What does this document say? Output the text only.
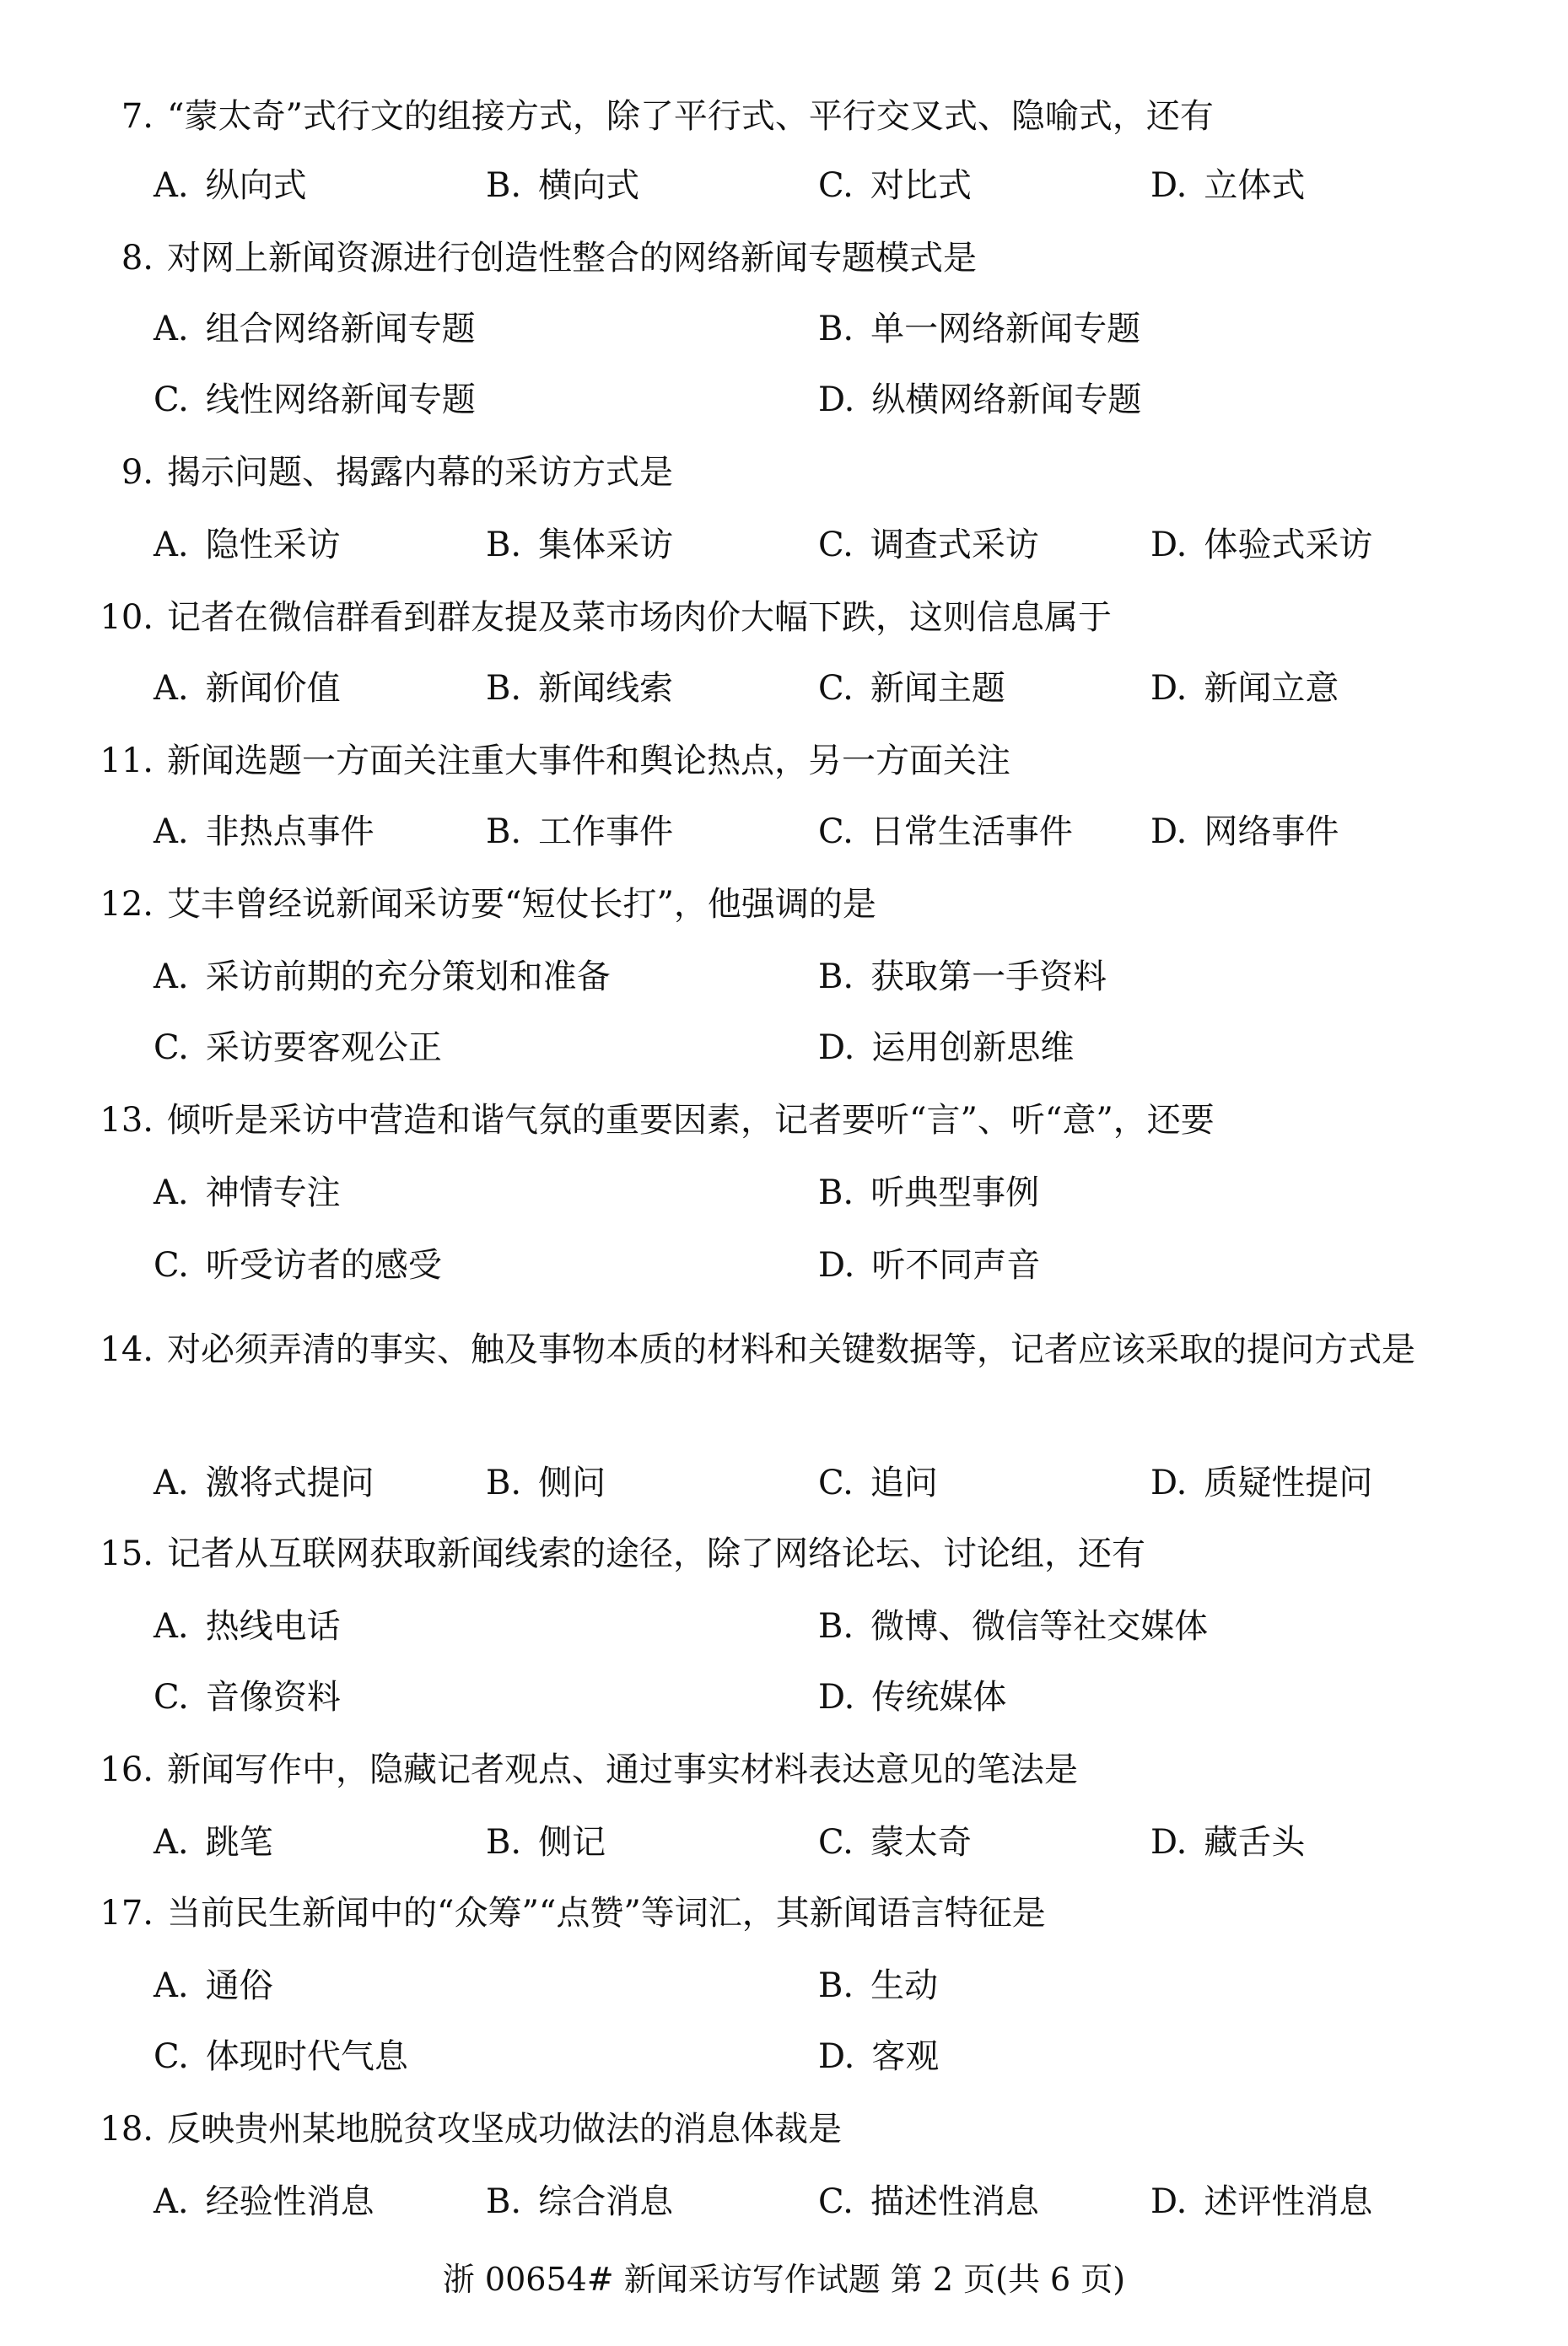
7. “蒙太奇”式行文的组接方式，除了平行式、平行交叉式、隐喻式，还有
A. 纵向式	B. 横向式	C. 对比式	D. 立体式
8. 对网上新闻资源进行创造性整合的网络新闻专题模式是
A. 组合网络新闻专题	B. 单一网络新闻专题
C. 线性网络新闻专题	D. 纵横网络新闻专题
9. 揭示问题、揭露内幕的采访方式是
A. 隐性采访	B. 集体采访	C. 调查式采访	D. 体验式采访
10. 记者在微信群看到群友提及菜市场肉价大幅下跌，这则信息属于
A. 新闻价值	B. 新闻线索	C. 新闻主题	D. 新闻立意
11. 新闻选题一方面关注重大事件和舆论热点，另一方面关注
A. 非热点事件	B. 工作事件	C. 日常生活事件 D. 网络事件
12. 艾丰曾经说新闻采访要“短仗长打”，他强调的是
A. 采访前期的充分策划和准备	B. 获取第一手资料
C. 采访要客观公正	D. 运用创新思维
13. 倾听是采访中营造和谐气氛的重要因素，记者要听“言”、听“意”，还要
A. 神情专注	B. 听典型事例
C. 听受访者的感受	D. 听不同声音
14. 对必须弄清的事实、触及事物本质的材料和关键数据等，记者应该采取的提问方式是
A. 激将式提问	B. 侧问	C. 追问	D. 质疑性提问
15. 记者从互联网获取新闻线索的途径，除了网络论坛、讨论组，还有
A. 热线电话	B. 微博、微信等社交媒体
C. 音像资料	D. 传统媒体
16. 新闻写作中，隐藏记者观点、通过事实材料表达意见的笔法是
A. 跳笔	B. 侧记	C. 蒙太奇	D. 藏舌头
17. 当前民生新闻中的“众筹”“点赞”等词汇，其新闻语言特征是
A. 通俗	B. 生动
C. 体现时代气息	D. 客观
18. 反映贵州某地脱贫攻坚成功做法的消息体裁是
A. 经验性消息	B. 综合消息	C. 描述性消息	D. 述评性消息
浙 00654# 新闻采访写作试题 第 2 页(共 6 页)
